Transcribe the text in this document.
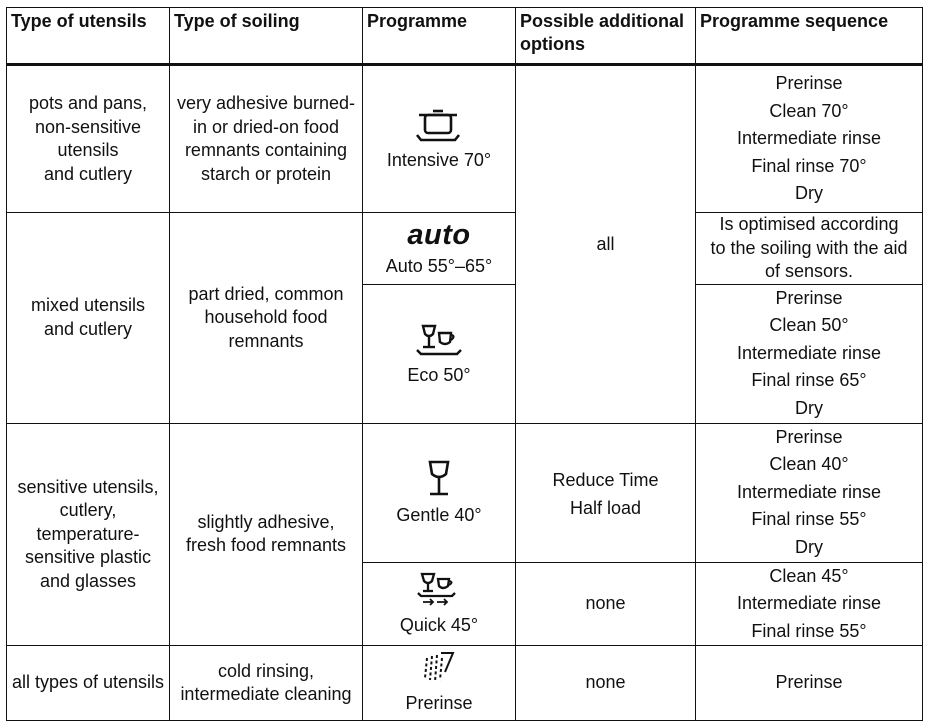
Type of utensils	Type of soiling	Programme	Possible additional options	Programme sequence

pots and pans,
non-sensitive
utensils
and cutlery	very adhesive burned-
in or dried-on food
remnants containing
starch or protein	Intensive 70°	all	Prerinse
Clean 70°
Intermediate rinse
Final rinse 70°
Dry

mixed utensils
and cutlery	part dried, common
household food
remnants	auto
Auto 55°–65°		Is optimised according
to the soiling with the aid
of sensors.

		Eco 50°		Prerinse
Clean 50°
Intermediate rinse
Final rinse 65°
Dry

sensitive utensils,
cutlery,
temperature-
sensitive plastic
and glasses	slightly adhesive,
fresh food remnants	Gentle 40°	Reduce Time
Half load	Prerinse
Clean 40°
Intermediate rinse
Final rinse 55°
Dry

		Quick 45°	none	Clean 45°
Intermediate rinse
Final rinse 55°

all types of utensils	cold rinsing,
intermediate cleaning	Prerinse	none	Prerinse
